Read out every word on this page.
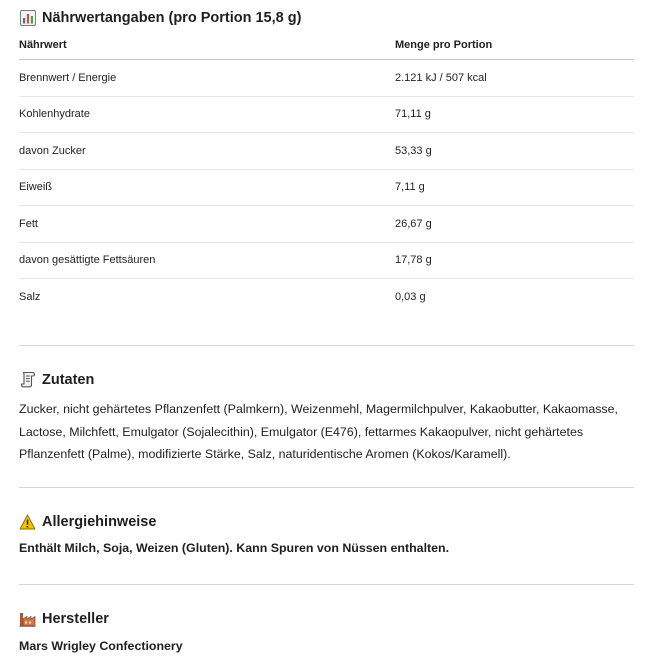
Nährwertangaben (pro Portion 15,8 g)
Nährwert	Menge pro Portion
Brennwert / Energie	2.121 kJ / 507 kcal
Kohlenhydrate	71,11 g
davon Zucker	53,33 g
Eiweiß	7,11 g
Fett	26,67 g
davon gesättigte Fettsäuren	17,78 g
Salz	0,03 g
Zutaten
Zucker, nicht gehärtetes Pflanzenfett (Palmkern), Weizenmehl, Magermilchpulver, Kakaobutter, Kakaomasse, Lactose, Milchfett, Emulgator (Sojalecithin), Emulgator (E476), fettarmes Kakaopulver, nicht gehärtetes Pflanzenfett (Palme), modifizierte Stärke, Salz, naturidentische Aromen (Kokos/Karamell).
Allergiehinweise
Enthält Milch, Soja, Weizen (Gluten). Kann Spuren von Nüssen enthalten.
Hersteller
Mars Wrigley Confectionery
